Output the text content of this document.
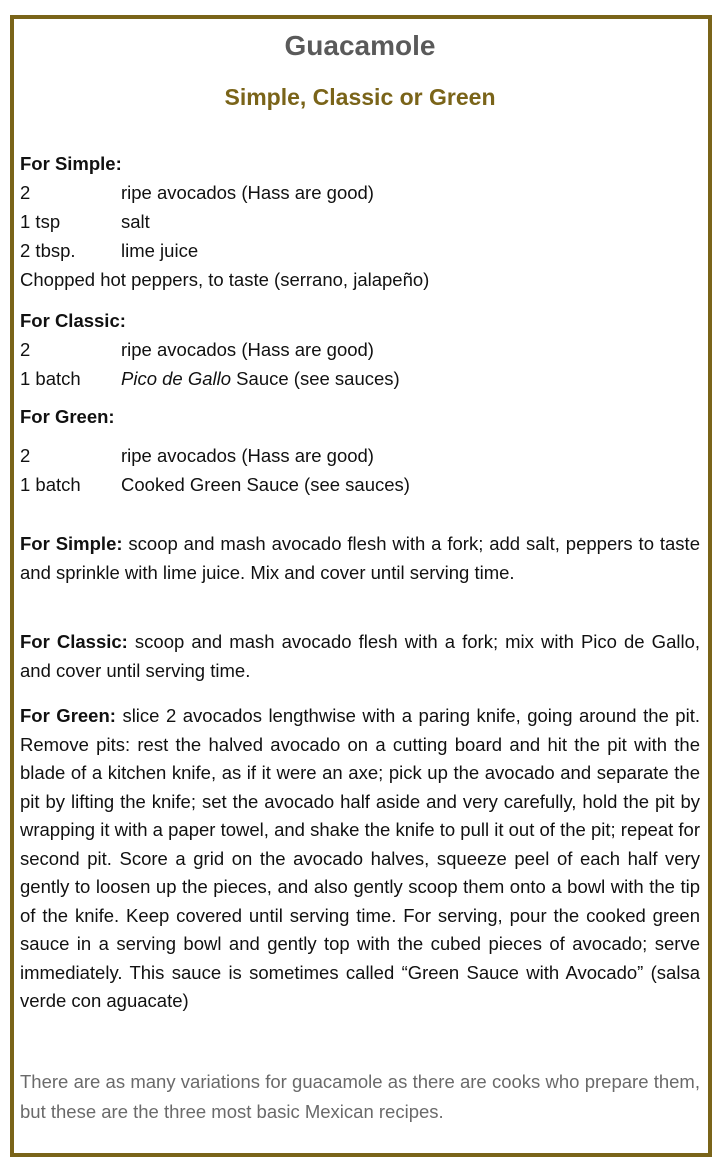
Guacamole
Simple, Classic or Green
For Simple:
2	ripe avocados (Hass are good)
1 tsp	salt
2 tbsp. lime juice
Chopped hot peppers, to taste (serrano, jalapeño)
For Classic:
2	ripe avocados (Hass are good)
1 batch Pico de Gallo Sauce (see sauces)
For Green:
2	ripe avocados (Hass are good)
1 batch Cooked Green Sauce (see sauces)

For Simple: scoop and mash avocado flesh with a fork; add salt, peppers to taste and sprinkle with lime juice. Mix and cover until serving time.

For Classic: scoop and mash avocado flesh with a fork; mix with Pico de Gallo, and cover until serving time.

For Green: slice 2 avocados lengthwise with a paring knife, going around the pit. Remove pits: rest the halved avocado on a cutting board and hit the pit with the blade of a kitchen knife, as if it were an axe; pick up the avocado and separate the pit by lifting the knife; set the avocado half aside and very carefully, hold the pit by wrapping it with a paper towel, and shake the knife to pull it out of the pit; repeat for second pit. Score a grid on the avocado halves, squeeze peel of each half very gently to loosen up the pieces, and also gently scoop them onto a bowl with the tip of the knife. Keep covered until serving time. For serving, pour the cooked green sauce in a serving bowl and gently top with the cubed pieces of avocado; serve immediately. This sauce is sometimes called “Green Sauce with Avocado” (salsa verde con aguacate)

There are as many variations for guacamole as there are cooks who prepare them, but these are the three most basic Mexican recipes.
